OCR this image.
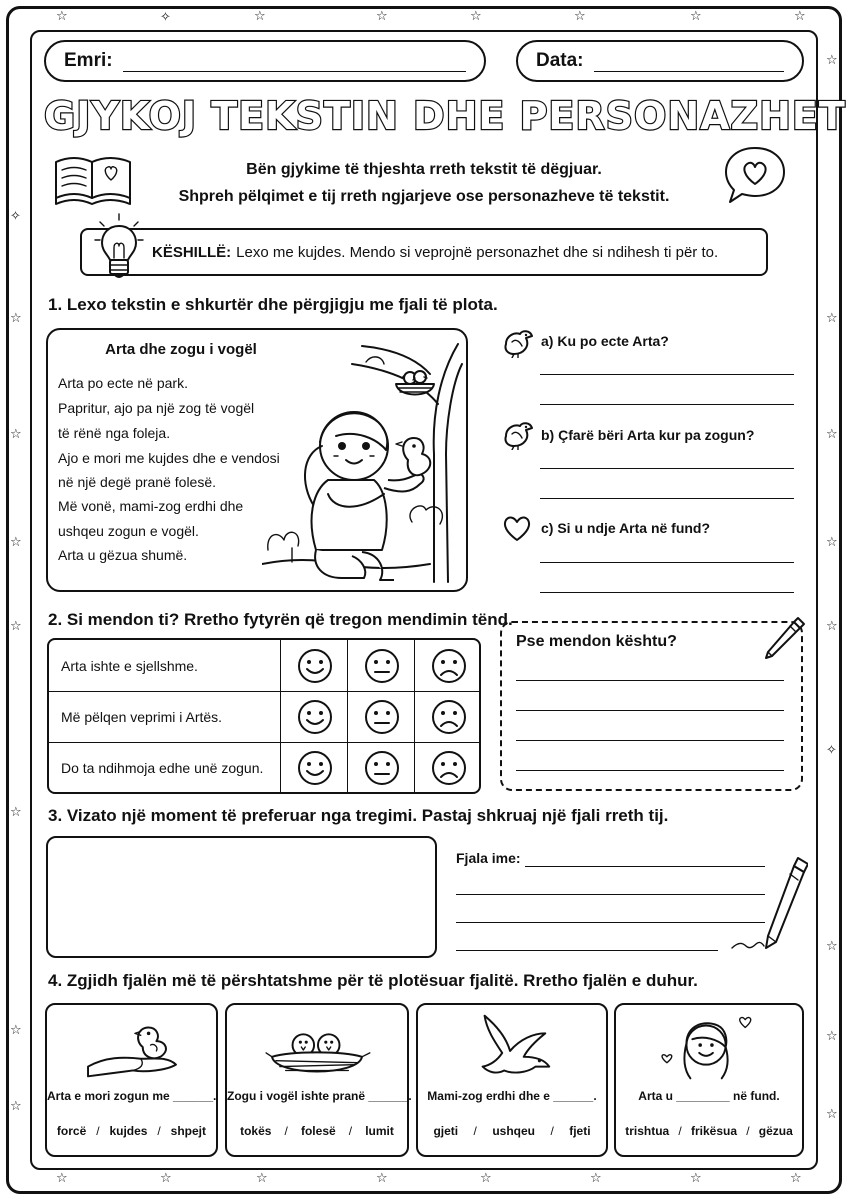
☆	✧	☆	☆	☆	☆	☆	☆
☆	☆	☆	☆	☆	☆	☆	☆
✧
☆
☆
☆
☆
☆
☆
☆
☆
☆
☆
☆
☆
✧
☆
☆
☆
Emri:	Data:
GJYKOJ TEKSTIN DHE PERSONAZHET
Bën gjykime të thjeshta rreth tekstit të dëgjuar.
Shpreh pëlqimet e tij rreth ngjarjeve ose personazheve të tekstit.
KËSHILLË: Lexo me kujdes. Mendo si veprojnë personazhet dhe si ndihesh ti për to.
1. Lexo tekstin e shkurtër dhe përgjigju me fjali të plota.
Arta dhe zogu i vogël
Arta po ecte në park.
Papritur, ajo pa një zog të vogël
të rënë nga foleja.
Ajo e mori me kujdes dhe e vendosi
në një degë pranë folesë.
Më vonë, mami-zog erdhi dhe
ushqeu zogun e vogël.
Arta u gëzua shumë.
a) Ku po ecte Arta?
b) Çfarë bëri Arta kur pa zogun?
c) Si u ndje Arta në fund?
2. Si mendon ti? Rretho fytyrën që tregon mendimin tënd.
Arta ishte e sjellshme.
Më pëlqen veprimi i Artës.
Do ta ndihmoja edhe unë zogun.
Pse mendon kështu?
3. Vizato një moment të preferuar nga tregimi. Pastaj shkruaj një fjali rreth tij.
Fjala ime:
4. Zgjidh fjalën më të përshtatshme për të plotësuar fjalitë. Rretho fjalën e duhur.
Arta e mori zogun me ______.
forcë / kujdes / shpejt
Zogu i vogël ishte pranë ______.
tokës / folesë / lumit
Mami-zog erdhi dhe e ______.
gjeti / ushqeu / fjeti
Arta u ________ në fund.
trishtua / frikësua / gëzua
